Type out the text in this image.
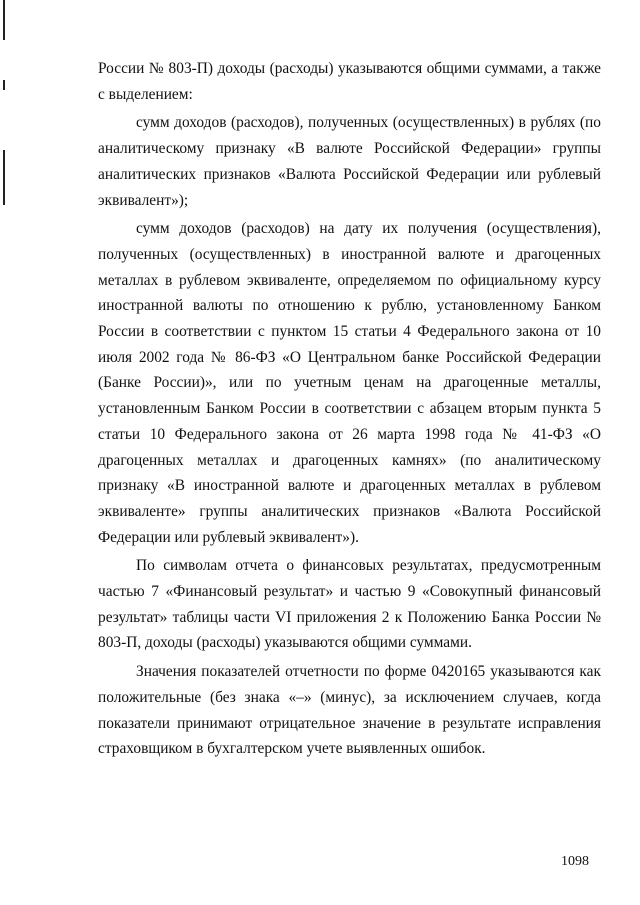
России № 803-П) доходы (расходы) указываются общими суммами, а также с выделением:

сумм доходов (расходов), полученных (осуществленных) в рублях (по аналитическому признаку «В валюте Российской Федерации» группы аналитических признаков «Валюта Российской Федерации или рублевый эквивалент»);

сумм доходов (расходов) на дату их получения (осуществления), полученных (осуществленных) в иностранной валюте и драгоценных металлах в рублевом эквиваленте, определяемом по официальному курсу иностранной валюты по отношению к рублю, установленному Банком России в соответствии с пунктом 15 статьи 4 Федерального закона от 10 июля 2002 года № 86-ФЗ «О Центральном банке Российской Федерации (Банке России)», или по учетным ценам на драгоценные металлы, установленным Банком России в соответствии с абзацем вторым пункта 5 статьи 10 Федерального закона от 26 марта 1998 года № 41-ФЗ «О драгоценных металлах и драгоценных камнях» (по аналитическому признаку «В иностранной валюте и драгоценных металлах в рублевом эквиваленте» группы аналитических признаков «Валюта Российской Федерации или рублевый эквивалент»).

По символам отчета о финансовых результатах, предусмотренным частью 7 «Финансовый результат» и частью 9 «Совокупный финансовый результат» таблицы части VI приложения 2 к Положению Банка России № 803-П, доходы (расходы) указываются общими суммами.

Значения показателей отчетности по форме 0420165 указываются как положительные (без знака «–» (минус), за исключением случаев, когда показатели принимают отрицательное значение в результате исправления страховщиком в бухгалтерском учете выявленных ошибок.

1098
